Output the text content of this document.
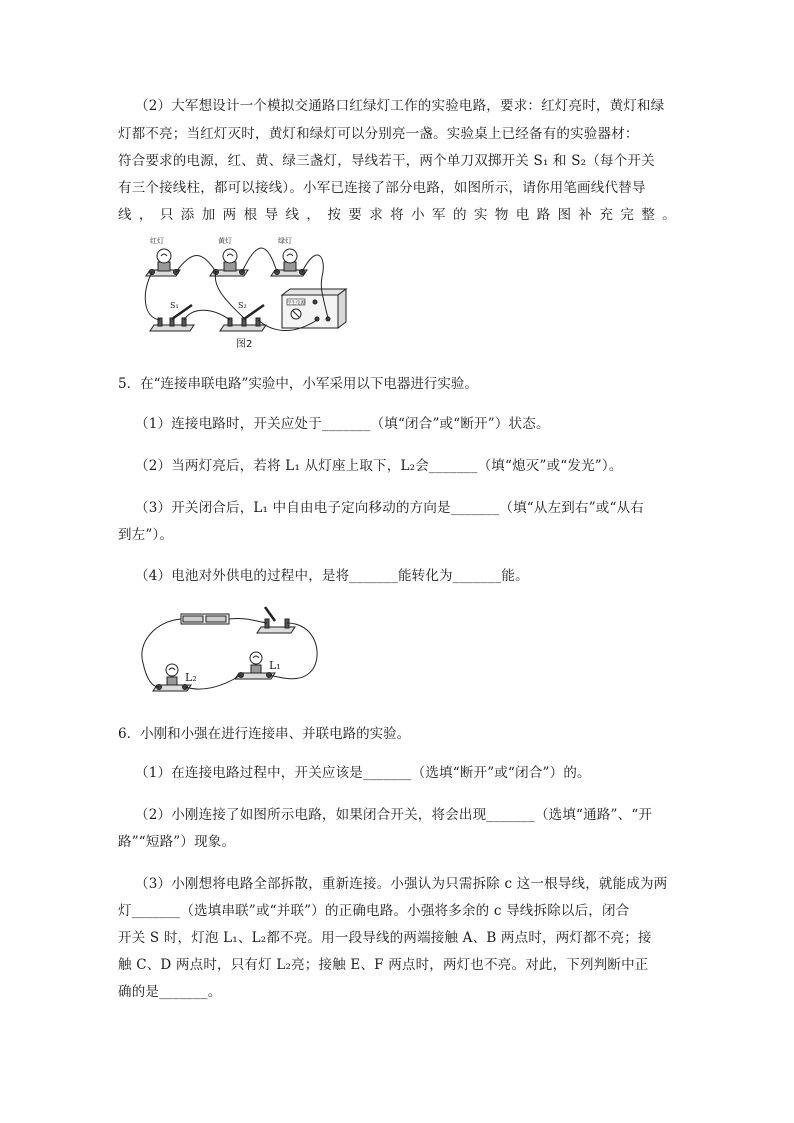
（2）大军想设计一个模拟交通路口红绿灯工作的实验电路，要求：红灯亮时，黄灯和绿

灯都不亮；当红灯灭时，黄灯和绿灯可以分别亮一盏。实验桌上已经备有的实验器材：

符合要求的电源，红、黄、绿三盏灯，导线若干，两个单刀双掷开关 S₁ 和 S₂（每个开关

有三个接线柱，都可以接线）。小军已连接了部分电路，如图所示，请你用笔画线代替导

线，只添加两根导线，按要求将小军的实物电路图补充完整。

红灯	黄灯	绿灯
S₁	S₂	学生电源
图2

5．在“连接串联电路”实验中，小军采用以下电器进行实验。

（1）连接电路时，开关应处于_______（填“闭合”或“断开”）状态。

（2）当两灯亮后，若将 L₁ 从灯座上取下，L₂会_______（填“熄灭”或“发光”）。

（3）开关闭合后，L₁ 中自由电子定向移动的方向是_______（填“从左到右”或“从右

到左”）。

（4）电池对外供电的过程中，是将_______能转化为_______能。

L₁
L₂

6．小刚和小强在进行连接串、并联电路的实验。

（1）在连接电路过程中，开关应该是_______（选填“断开”或“闭合”）的。

（2）小刚连接了如图所示电路，如果闭合开关，将会出现_______（选填“通路”、“开

路”“短路”）现象。

（3）小刚想将电路全部拆散，重新连接。小强认为只需拆除 c 这一根导线，就能成为两

灯_______（选填串联”或“并联”）的正确电路。小强将多余的 c 导线拆除以后，闭合

开关 S 时，灯泡 L₁、L₂都不亮。用一段导线的两端接触 A、B 两点时，两灯都不亮；接

触 C、D 两点时，只有灯 L₂亮；接触 E、F 两点时，两灯也不亮。对此，下列判断中正

确的是_______。
